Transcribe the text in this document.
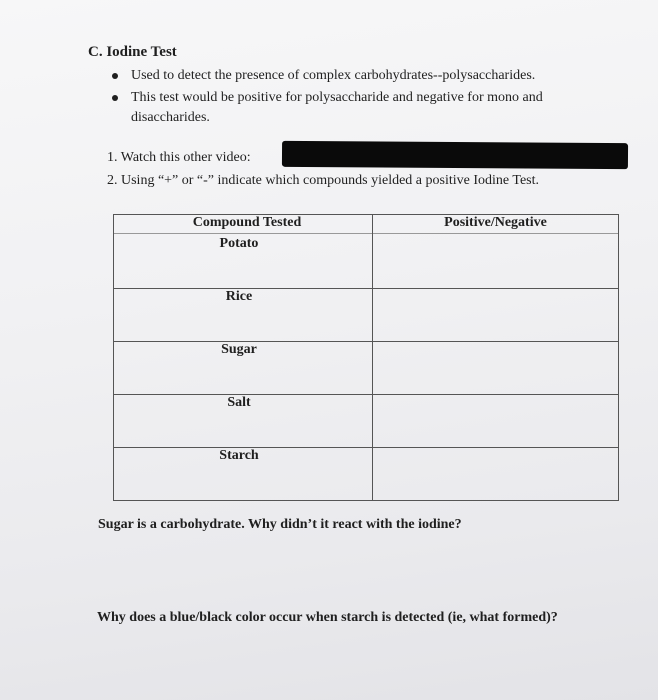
C. Iodine Test
Used to detect the presence of complex carbohydrates--polysaccharides.
This test would be positive for polysaccharide and negative for mono and
disaccharides.
1. Watch this other video:
2. Using “+” or “-” indicate which compounds yielded a positive Iodine Test.
Compound Tested	Positive/Negative
Potato	
Rice	
Sugar	
Salt	
Starch	
Sugar is a carbohydrate. Why didn’t it react with the iodine?
Why does a blue/black color occur when starch is detected (ie, what formed)?
